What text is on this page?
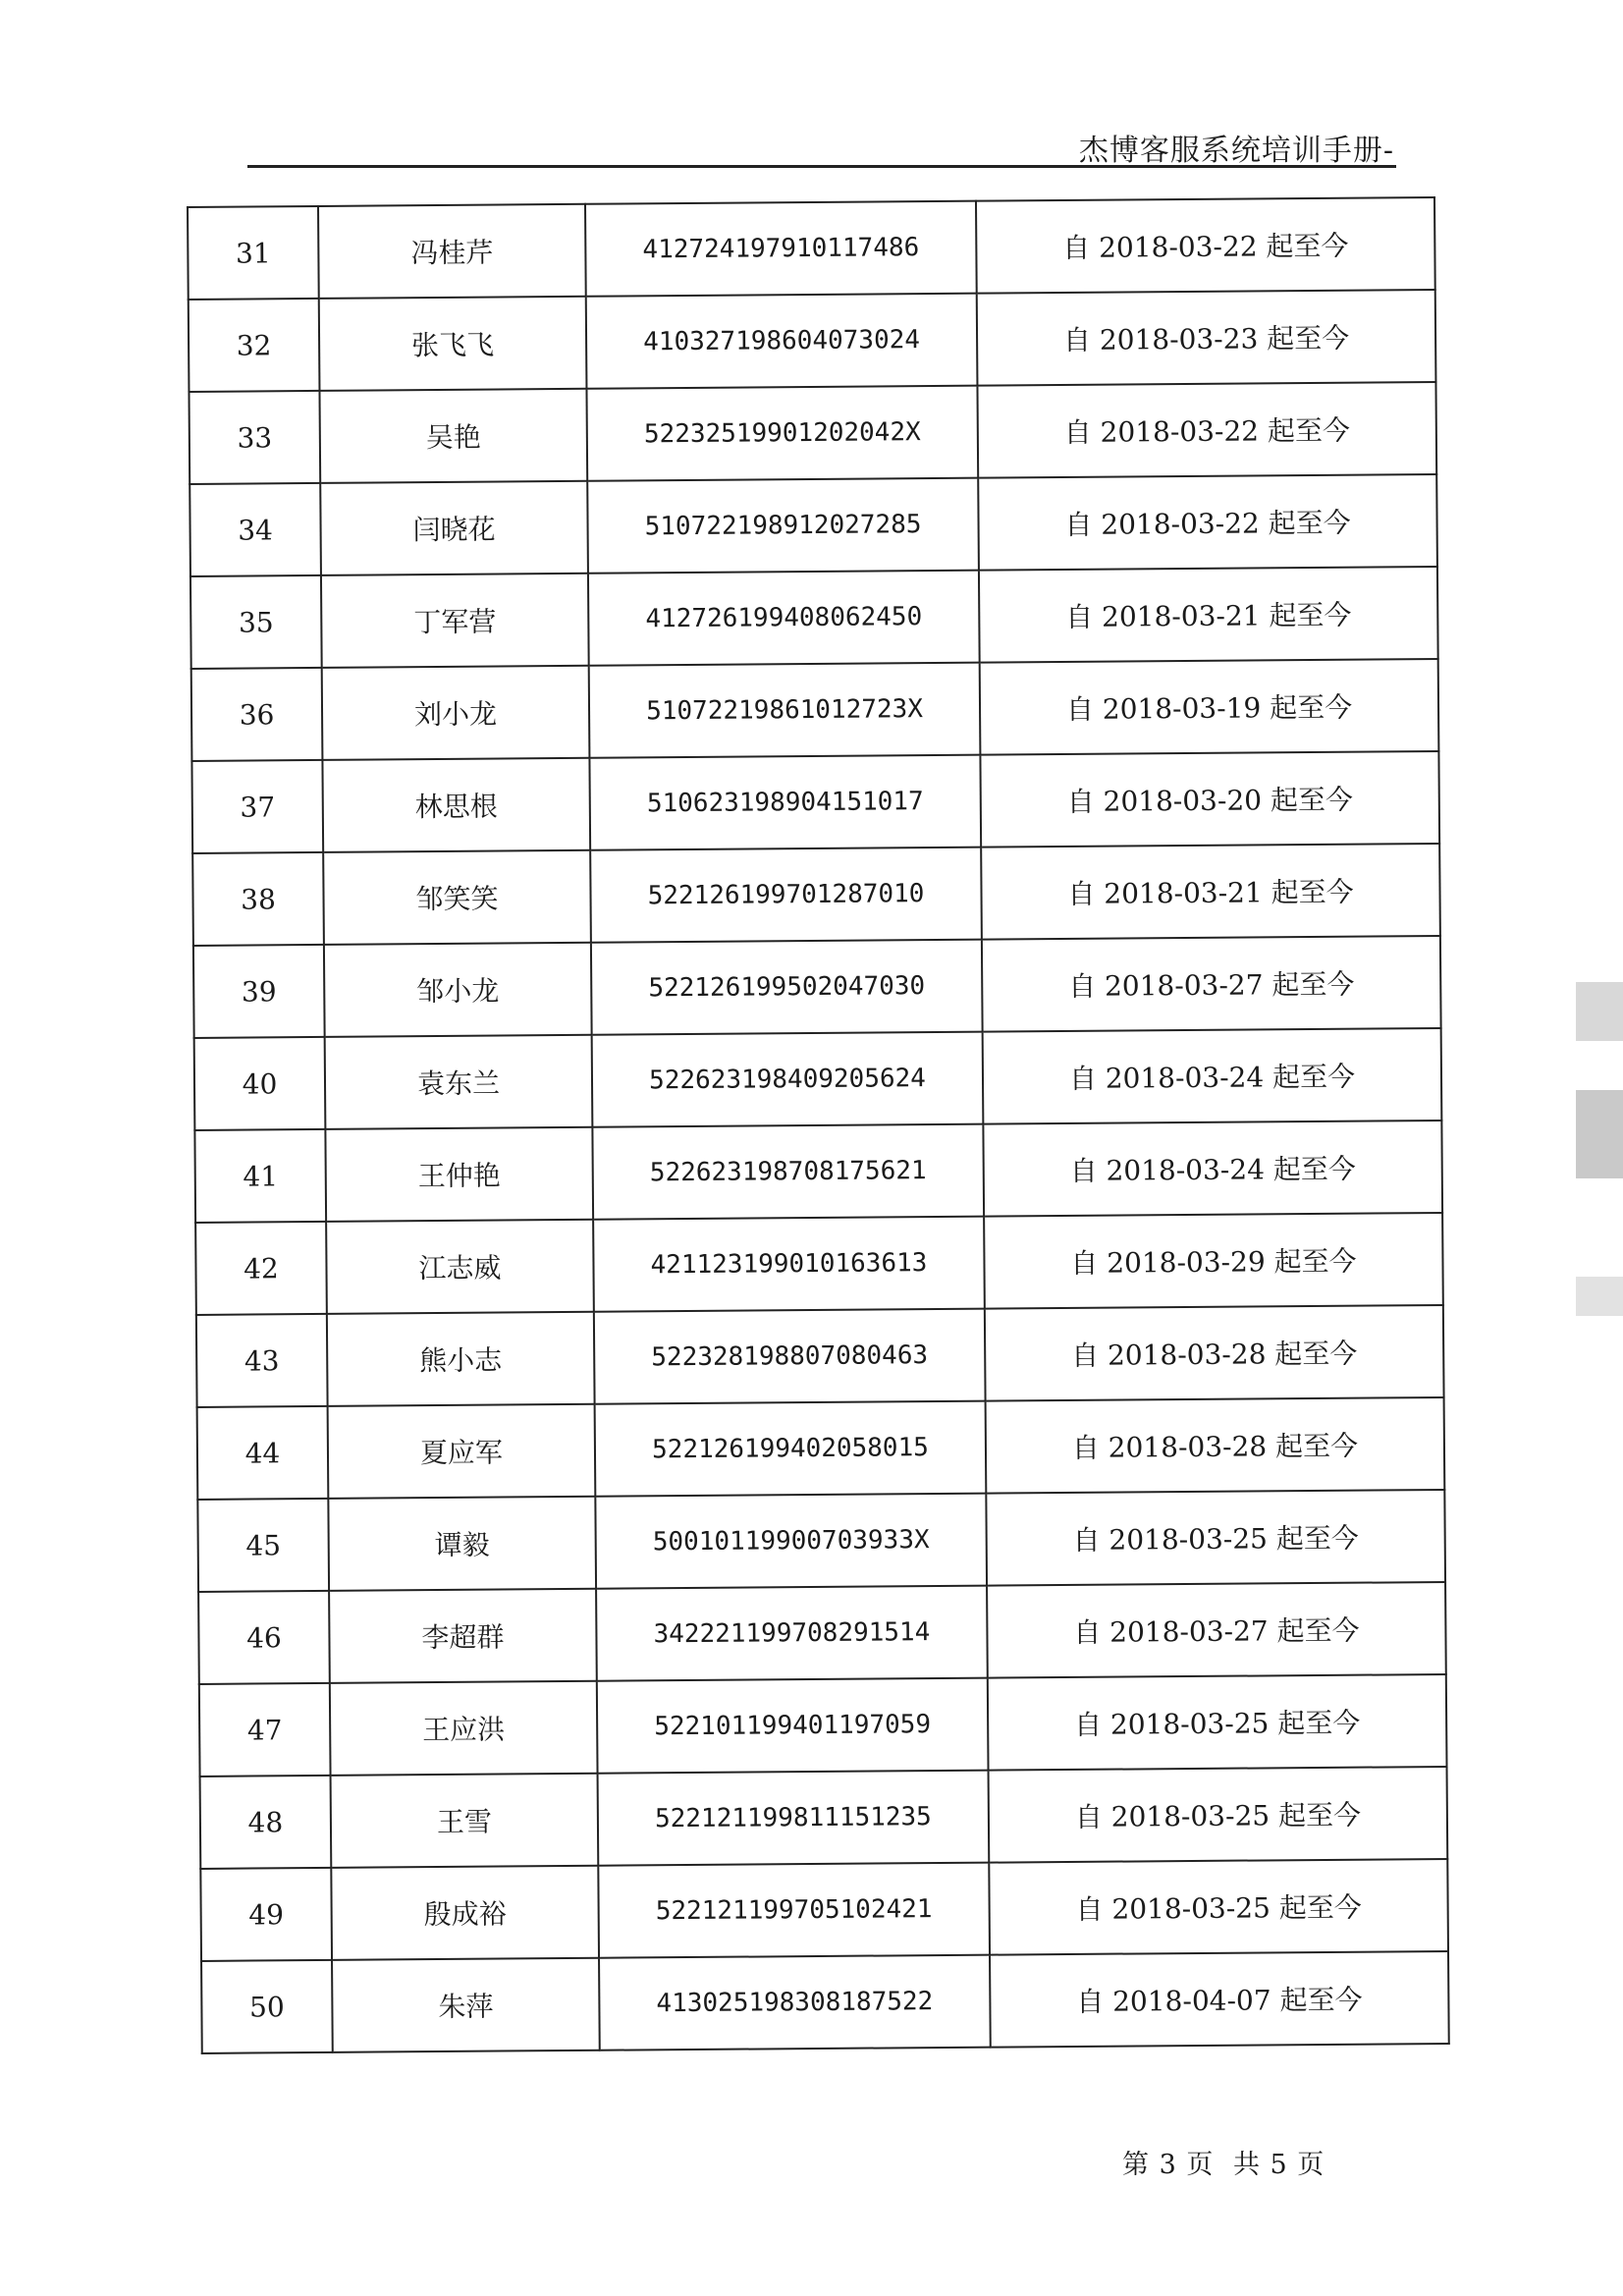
杰博客服系统培训手册-
31	冯桂芹	412724197910117486	自 2018-03-22 起至今
32	张飞飞	410327198604073024	自 2018-03-23 起至今
33	吴艳	52232519901202042X	自 2018-03-22 起至今
34	闫晓花	510722198912027285	自 2018-03-22 起至今
35	丁军营	412726199408062450	自 2018-03-21 起至今
36	刘小龙	51072219861012723X	自 2018-03-19 起至今
37	林思根	510623198904151017	自 2018-03-20 起至今
38	邹笑笑	522126199701287010	自 2018-03-21 起至今
39	邹小龙	522126199502047030	自 2018-03-27 起至今
40	袁东兰	522623198409205624	自 2018-03-24 起至今
41	王仲艳	522623198708175621	自 2018-03-24 起至今
42	江志威	421123199010163613	自 2018-03-29 起至今
43	熊小志	522328198807080463	自 2018-03-28 起至今
44	夏应军	522126199402058015	自 2018-03-28 起至今
45	谭毅	50010119900703933X	自 2018-03-25 起至今
46	李超群	342221199708291514	自 2018-03-27 起至今
47	王应洪	522101199401197059	自 2018-03-25 起至今
48	王雪	522121199811151235	自 2018-03-25 起至今
49	殷成裕	522121199705102421	自 2018-03-25 起至今
50	朱萍	413025198308187522	自 2018-04-07 起至今
第 3 页 共 5 页
